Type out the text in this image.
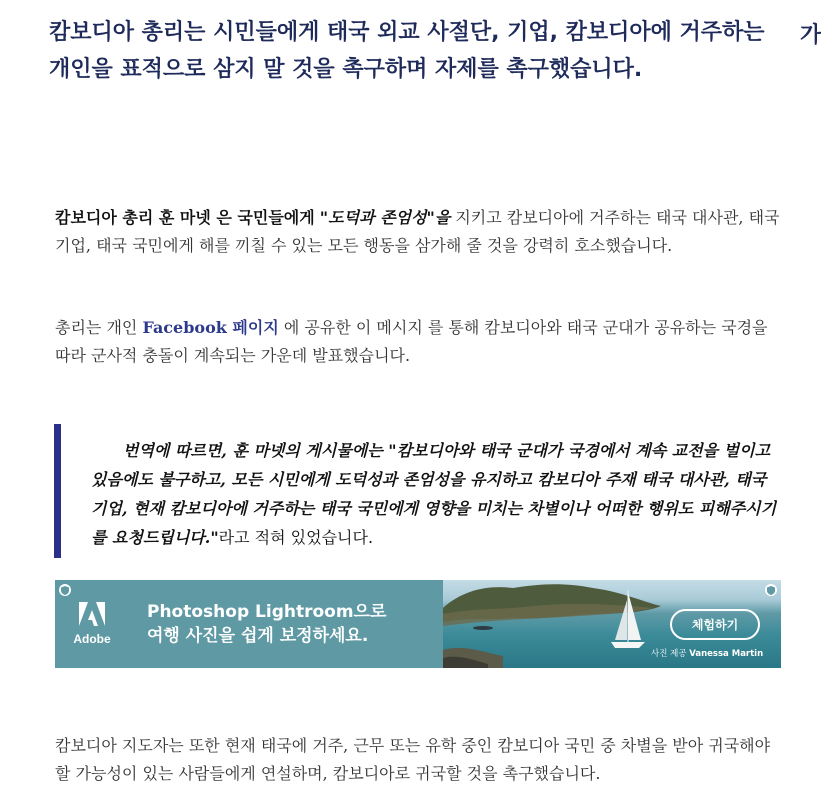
캄보디아 총리는 시민들에게 태국 외교 사절단, 기업, 캄보디아에 거주하는 개인을 표적으로 삼지 말 것을 촉구하며 자제를 촉구했습니다.
가

캄보디아 총리 훈 마넷 은 국민들에게 "도덕과 존엄성"을 지키고 캄보디아에 거주하는 태국 대사관, 태국 기업, 태국 국민에게 해를 끼칠 수 있는 모든 행동을 삼가해 줄 것을 강력히 호소했습니다.

총리는 개인 Facebook 페이지 에 공유한 이 메시지 를 통해 캄보디아와 태국 군대가 공유하는 국경을 따라 군사적 충돌이 계속되는 가운데 발표했습니다.

번역에 따르면, 훈 마넷의 게시물에는 "캄보디아와 태국 군대가 국경에서 계속 교전을 벌이고 있음에도 불구하고, 모든 시민에게 도덕성과 존엄성을 유지하고 캄보디아 주재 태국 대사관, 태국 기업, 현재 캄보디아에 거주하는 태국 국민에게 영향을 미치는 차별이나 어떠한 행위도 피해주시기를 요청드립니다."라고 적혀 있었습니다.

Adobe
Photoshop Lightroom으로
여행 사진을 쉽게 보정하세요.
체험하기
사진 제공 Vanessa Martin

캄보디아 지도자는 또한 현재 태국에 거주, 근무 또는 유학 중인 캄보디아 국민 중 차별을 받아 귀국해야 할 가능성이 있는 사람들에게 연설하며, 캄보디아로 귀국할 것을 촉구했습니다.
